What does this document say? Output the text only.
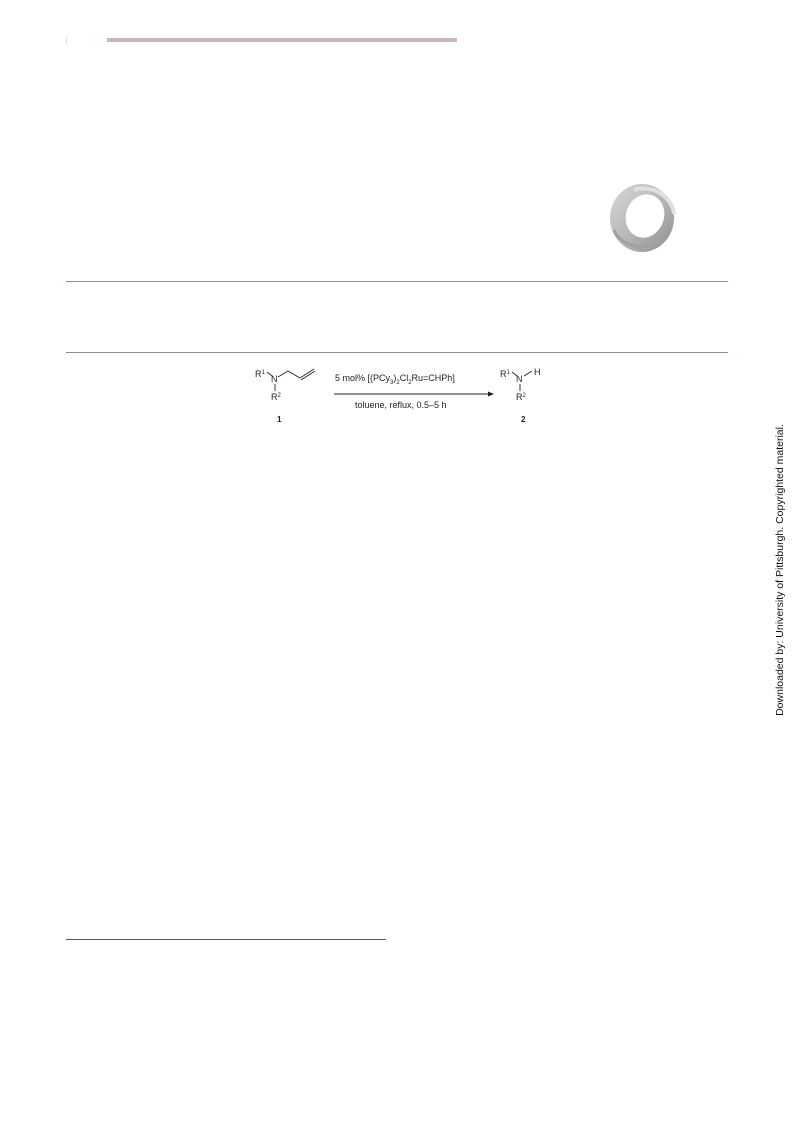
$R^1$
N
$R^2$
1
5 mol% $[(PCy_3)_2Cl_2Ru=CHPh]$
toluene, reflux, 0.5–5 h
$R^1$
N
H
$R^2$
2
Downloaded by: University of Pittsburgh. Copyrighted material.
